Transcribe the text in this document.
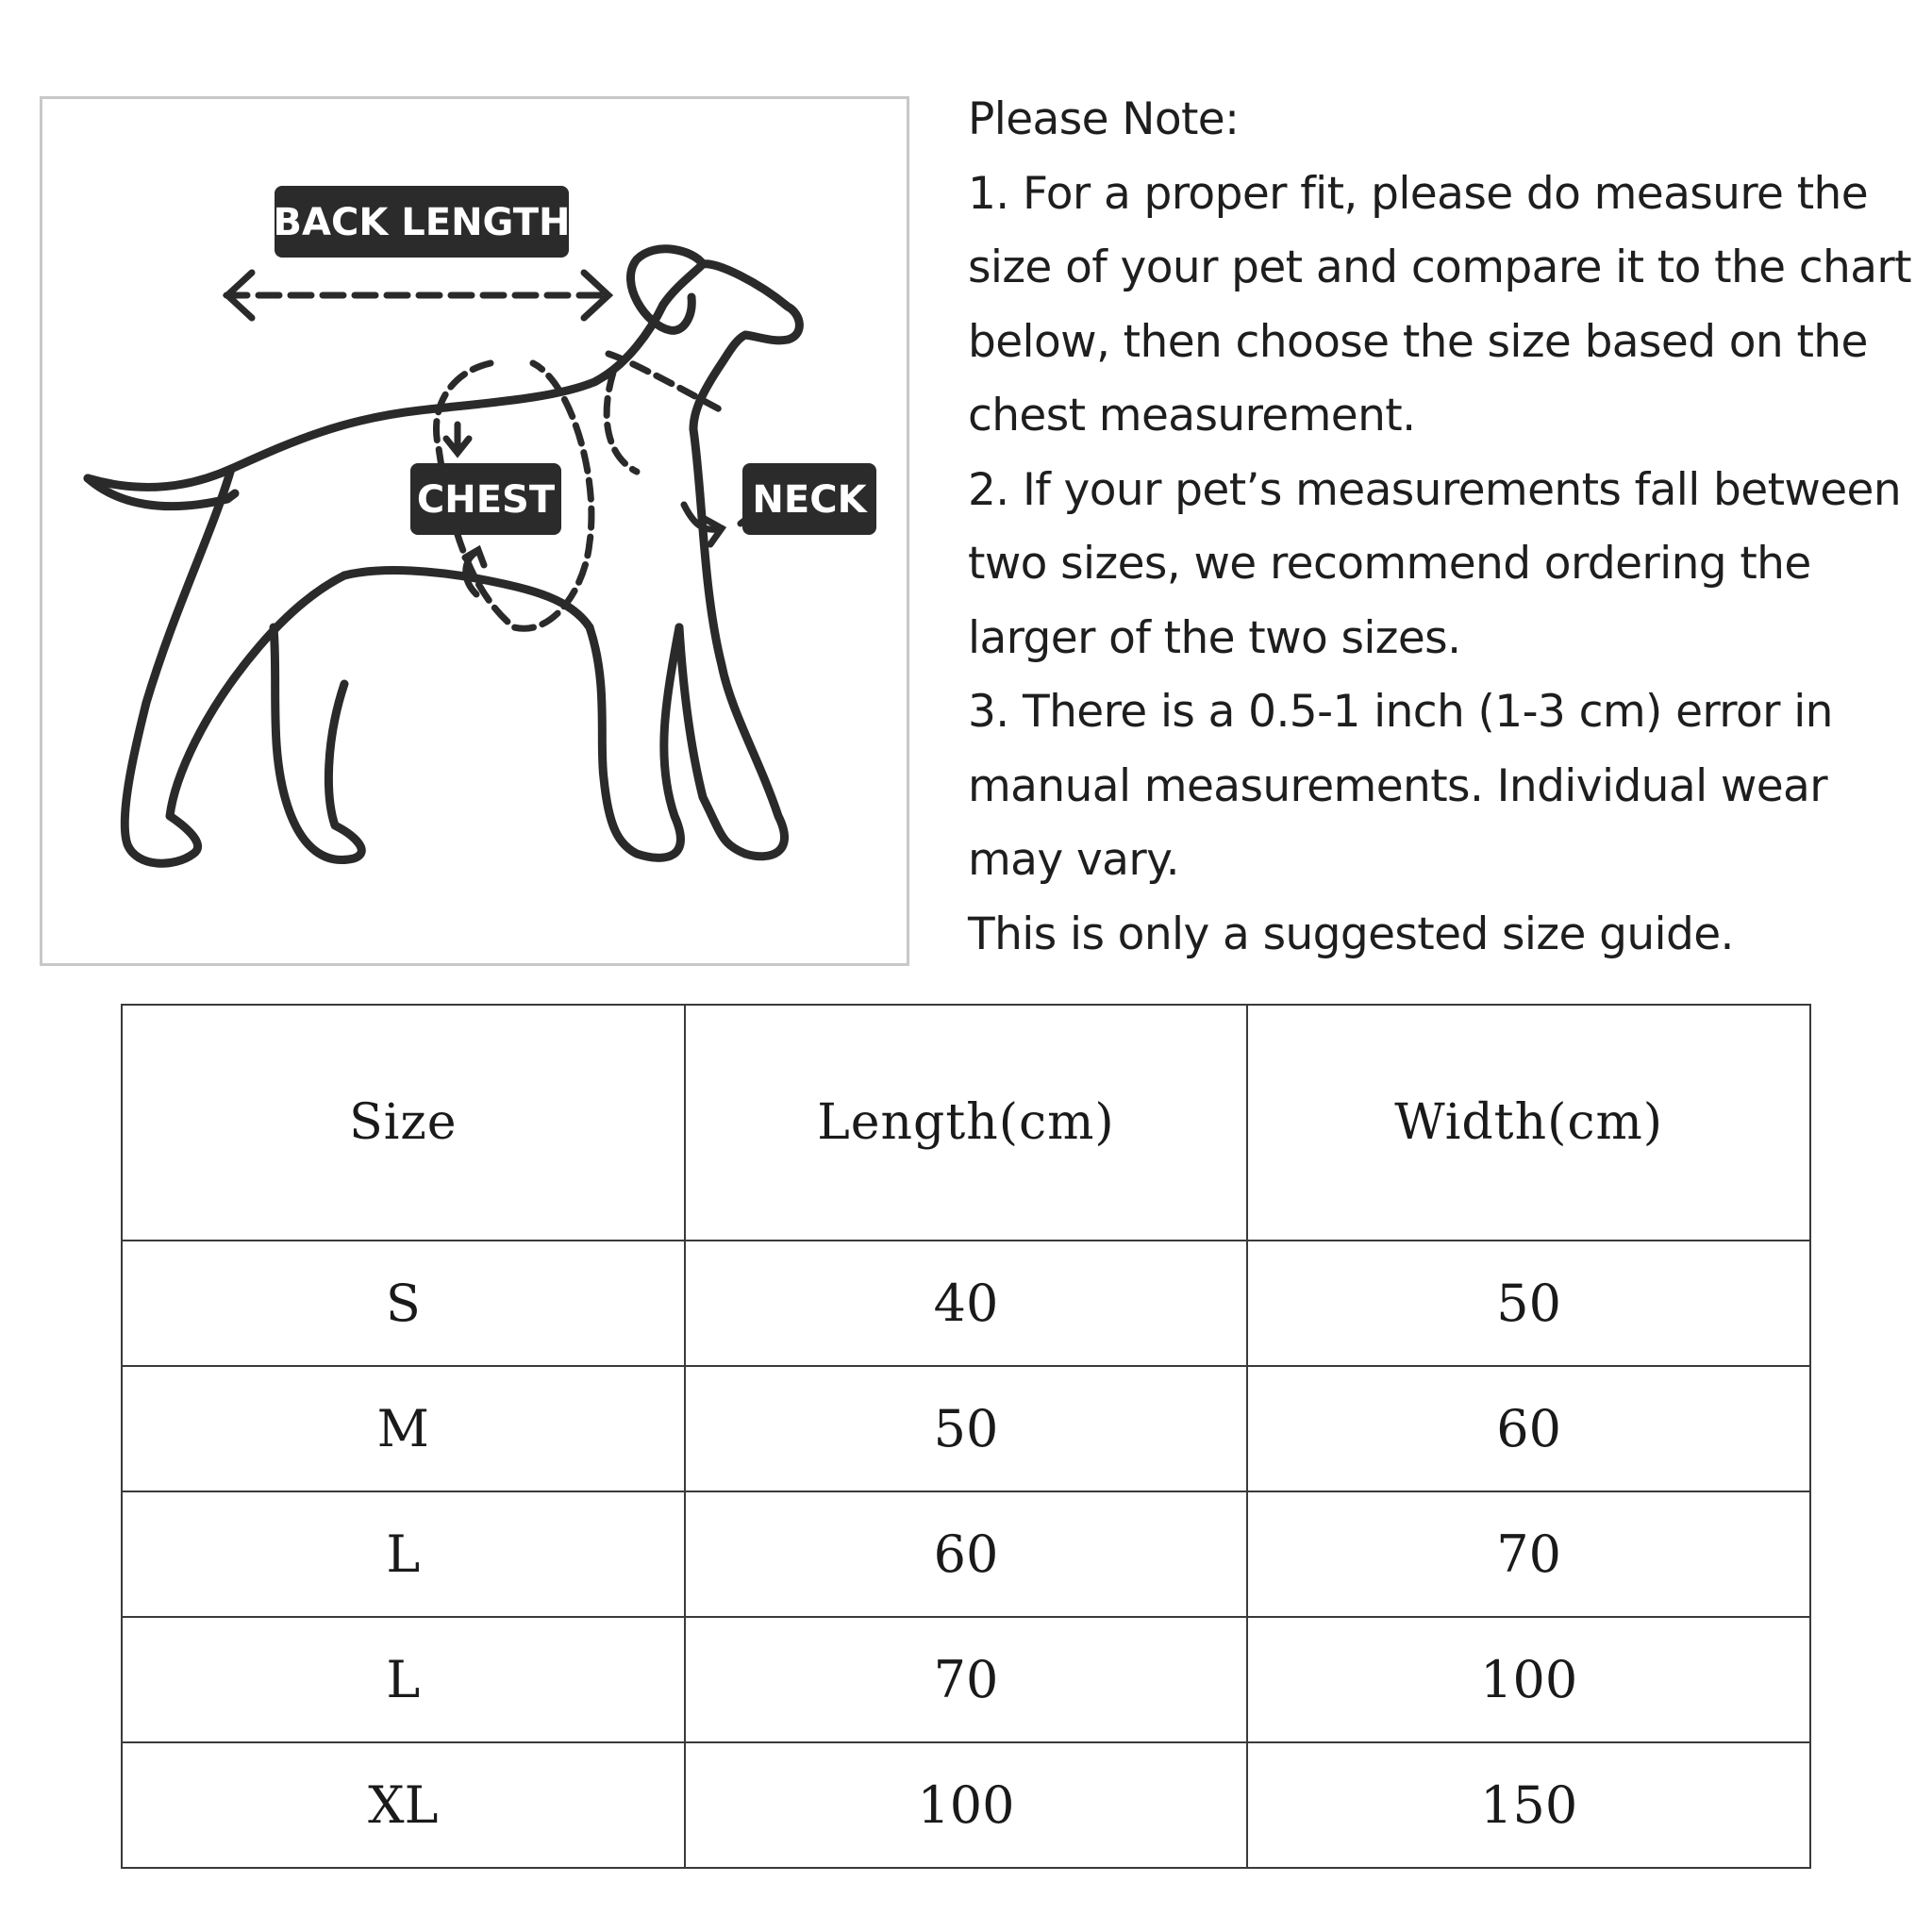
BACK LENGTH
CHEST	NECK
Please Note:
1. For a proper fit, please do measure the
size of your pet and compare it to the chart
below, then choose the size based on the
chest measurement.
2. If your pet’s measurements fall between
two sizes, we recommend ordering the
larger of the two sizes.
3. There is a 0.5-1 inch (1-3 cm) error in
manual measurements. Individual wear
may vary.
This is only a suggested size guide.
Size	Length(cm)	Width(cm)
S	40	50
M	50	60
L	60	70
L	70	100
XL	100	150
